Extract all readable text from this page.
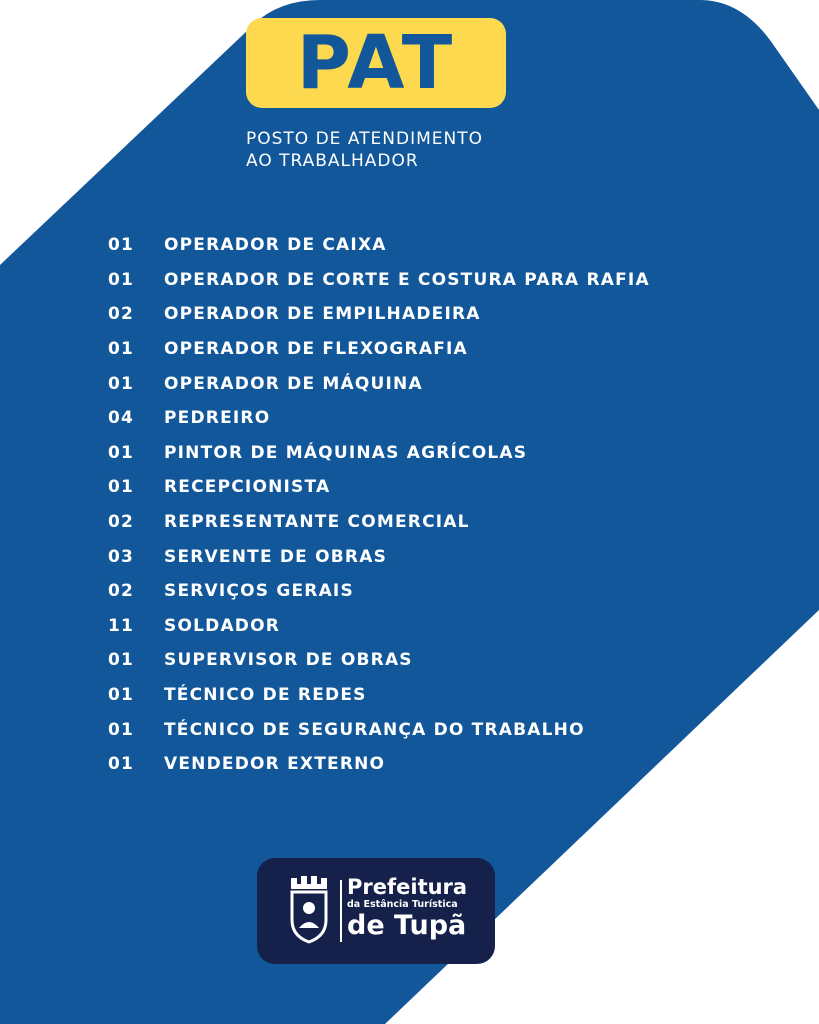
PAT
POSTO DE ATENDIMENTO
AO TRABALHADOR
01	OPERADOR DE CAIXA
01	OPERADOR DE CORTE E COSTURA PARA RAFIA
02	OPERADOR DE EMPILHADEIRA
01	OPERADOR DE FLEXOGRAFIA
01	OPERADOR DE MÁQUINA
04	PEDREIRO
01	PINTOR DE MÁQUINAS AGRÍCOLAS
01	RECEPCIONISTA
02	REPRESENTANTE COMERCIAL
03	SERVENTE DE OBRAS
02	SERVIÇOS GERAIS
11	SOLDADOR
01	SUPERVISOR DE OBRAS
01	TÉCNICO DE REDES
01	TÉCNICO DE SEGURANÇA DO TRABALHO
01	VENDEDOR EXTERNO
Prefeitura
da Estância Turística
de Tupã
